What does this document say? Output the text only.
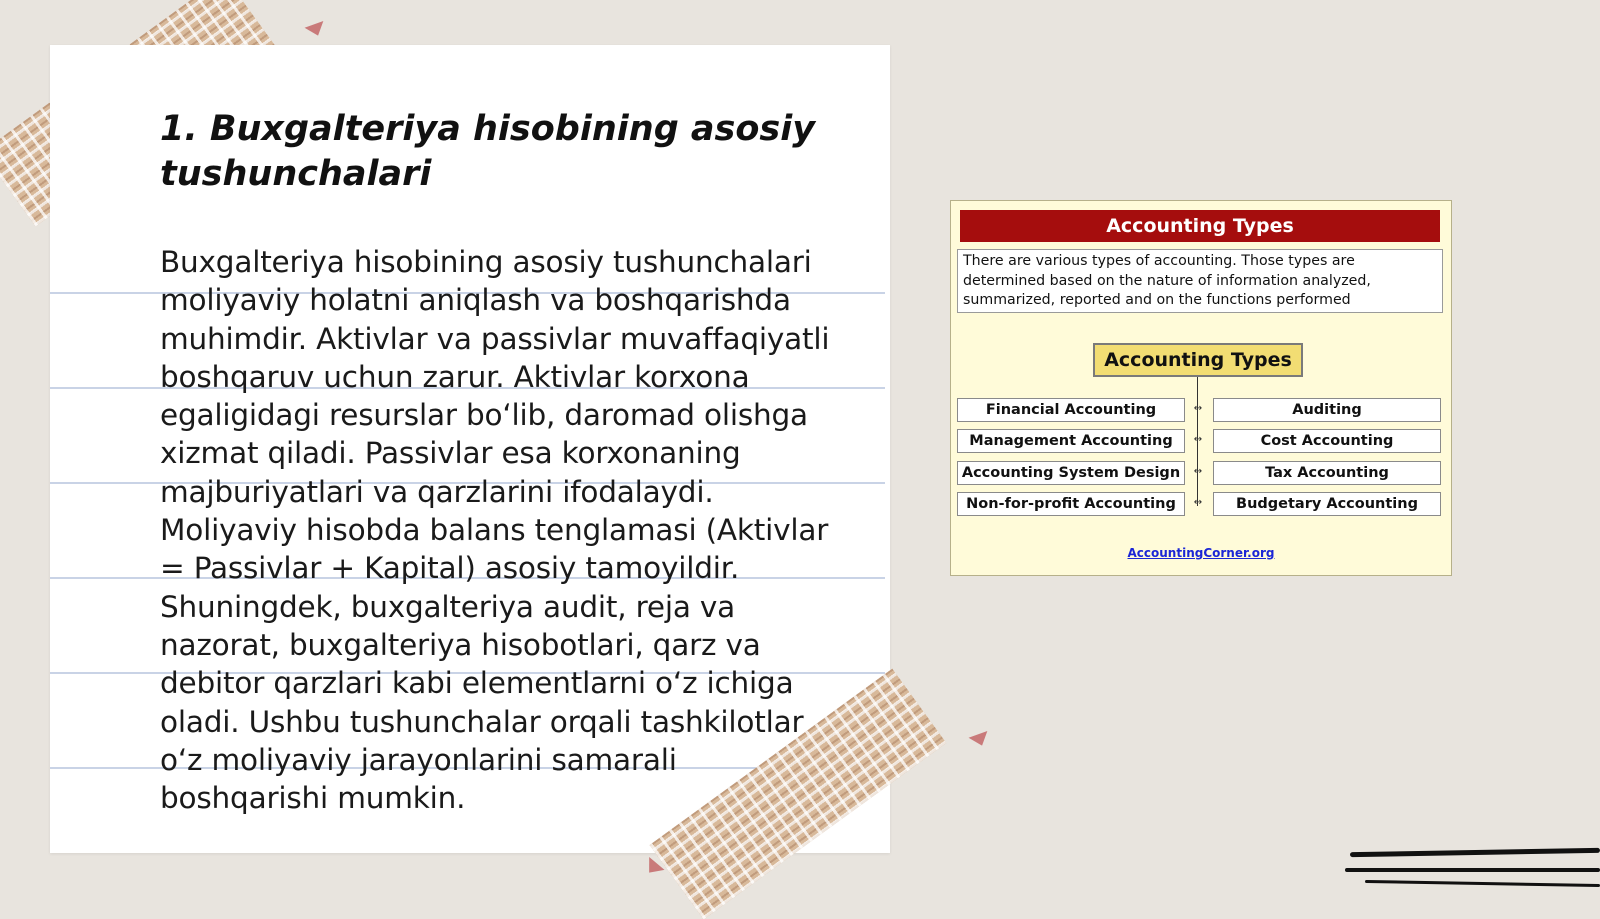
1. Buxgalteriya hisobining asosiy tushunchalari

Buxgalteriya hisobining asosiy tushunchalari moliyaviy holatni aniqlash va boshqarishda muhimdir. Aktivlar va passivlar muvaffaqiyatli boshqaruv uchun zarur. Aktivlar korxona egaligidagi resurslar bo‘lib, daromad olishga xizmat qiladi. Passivlar esa korxonaning majburiyatlari va qarzlarini ifodalaydi. Moliyaviy hisobda balans tenglamasi (Aktivlar = Passivlar + Kapital) asosiy tamoyildir. Shuningdek, buxgalteriya audit, reja va nazorat, buxgalteriya hisobotlari, qarz va debitor qarzlari kabi elementlarni o‘z ichiga oladi. Ushbu tushunchalar orqali tashkilotlar o‘z moliyaviy jarayonlarini samarali boshqarishi mumkin.

Accounting Types
There are various types of accounting. Those types are determined based on the nature of information analyzed, summarized, reported and on the functions performed
Accounting Types
Financial Accounting
Management Accounting
Accounting System Design
Non-for-profit Accounting
↔
↔
↔
↔
Auditing
Cost Accounting
Tax Accounting
Budgetary Accounting
AccountingCorner.org
